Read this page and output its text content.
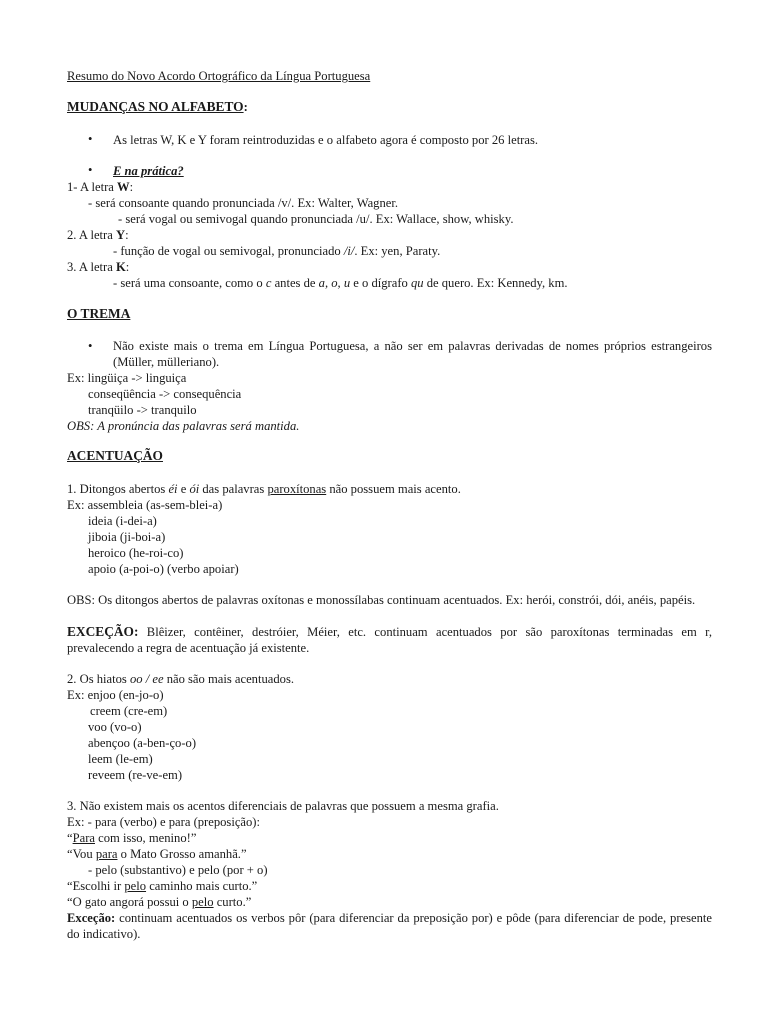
Resumo do Novo Acordo Ortográfico da Língua Portuguesa
MUDANÇAS NO ALFABETO:
• As letras W, K e Y foram reintroduzidas e o alfabeto agora é composto por 26 letras.
• E na prática?
1- A letra W:
- será consoante quando pronunciada /v/. Ex: Walter, Wagner.
- será vogal ou semivogal quando pronunciada /u/. Ex: Wallace, show, whisky.
2. A letra Y:
- função de vogal ou semivogal, pronunciado /i/. Ex: yen, Paraty.
3. A letra K:
- será uma consoante, como o c antes de a, o, u e o dígrafo qu de quero. Ex: Kennedy, km.
O TREMA
• Não existe mais o trema em Língua Portuguesa, a não ser em palavras derivadas de nomes próprios estrangeiros (Müller, mülleriano).
Ex: lingüiça -> linguiça
conseqüência -> consequência
tranqüilo -> tranquilo
OBS: A pronúncia das palavras será mantida.
ACENTUAÇÃO
1. Ditongos abertos éi e ói das palavras paroxítonas não possuem mais acento.
Ex: assembleia (as-sem-blei-a)
ideia (i-dei-a)
jiboia (ji-boi-a)
heroico (he-roi-co)
apoio (a-poi-o) (verbo apoiar)
OBS: Os ditongos abertos de palavras oxítonas e monossílabas continuam acentuados. Ex: herói, constrói, dói, anéis, papéis.
EXCEÇÃO: Blêizer, contêiner, destróier, Méier, etc. continuam acentuados por são paroxítonas terminadas em r, prevalecendo a regra de acentuação já existente.
2. Os hiatos oo / ee não são mais acentuados.
Ex: enjoo (en-jo-o)
creem (cre-em)
voo (vo-o)
abençoo (a-ben-ço-o)
leem (le-em)
reveem (re-ve-em)
3. Não existem mais os acentos diferenciais de palavras que possuem a mesma grafia.
Ex: - para (verbo) e para (preposição):
“Para com isso, menino!”
“Vou para o Mato Grosso amanhã.”
- pelo (substantivo) e pelo (por + o)
“Escolhi ir pelo caminho mais curto.”
“O gato angorá possui o pelo curto.”
Exceção: continuam acentuados os verbos pôr (para diferenciar da preposição por) e pôde (para diferenciar de pode, presente do indicativo).
